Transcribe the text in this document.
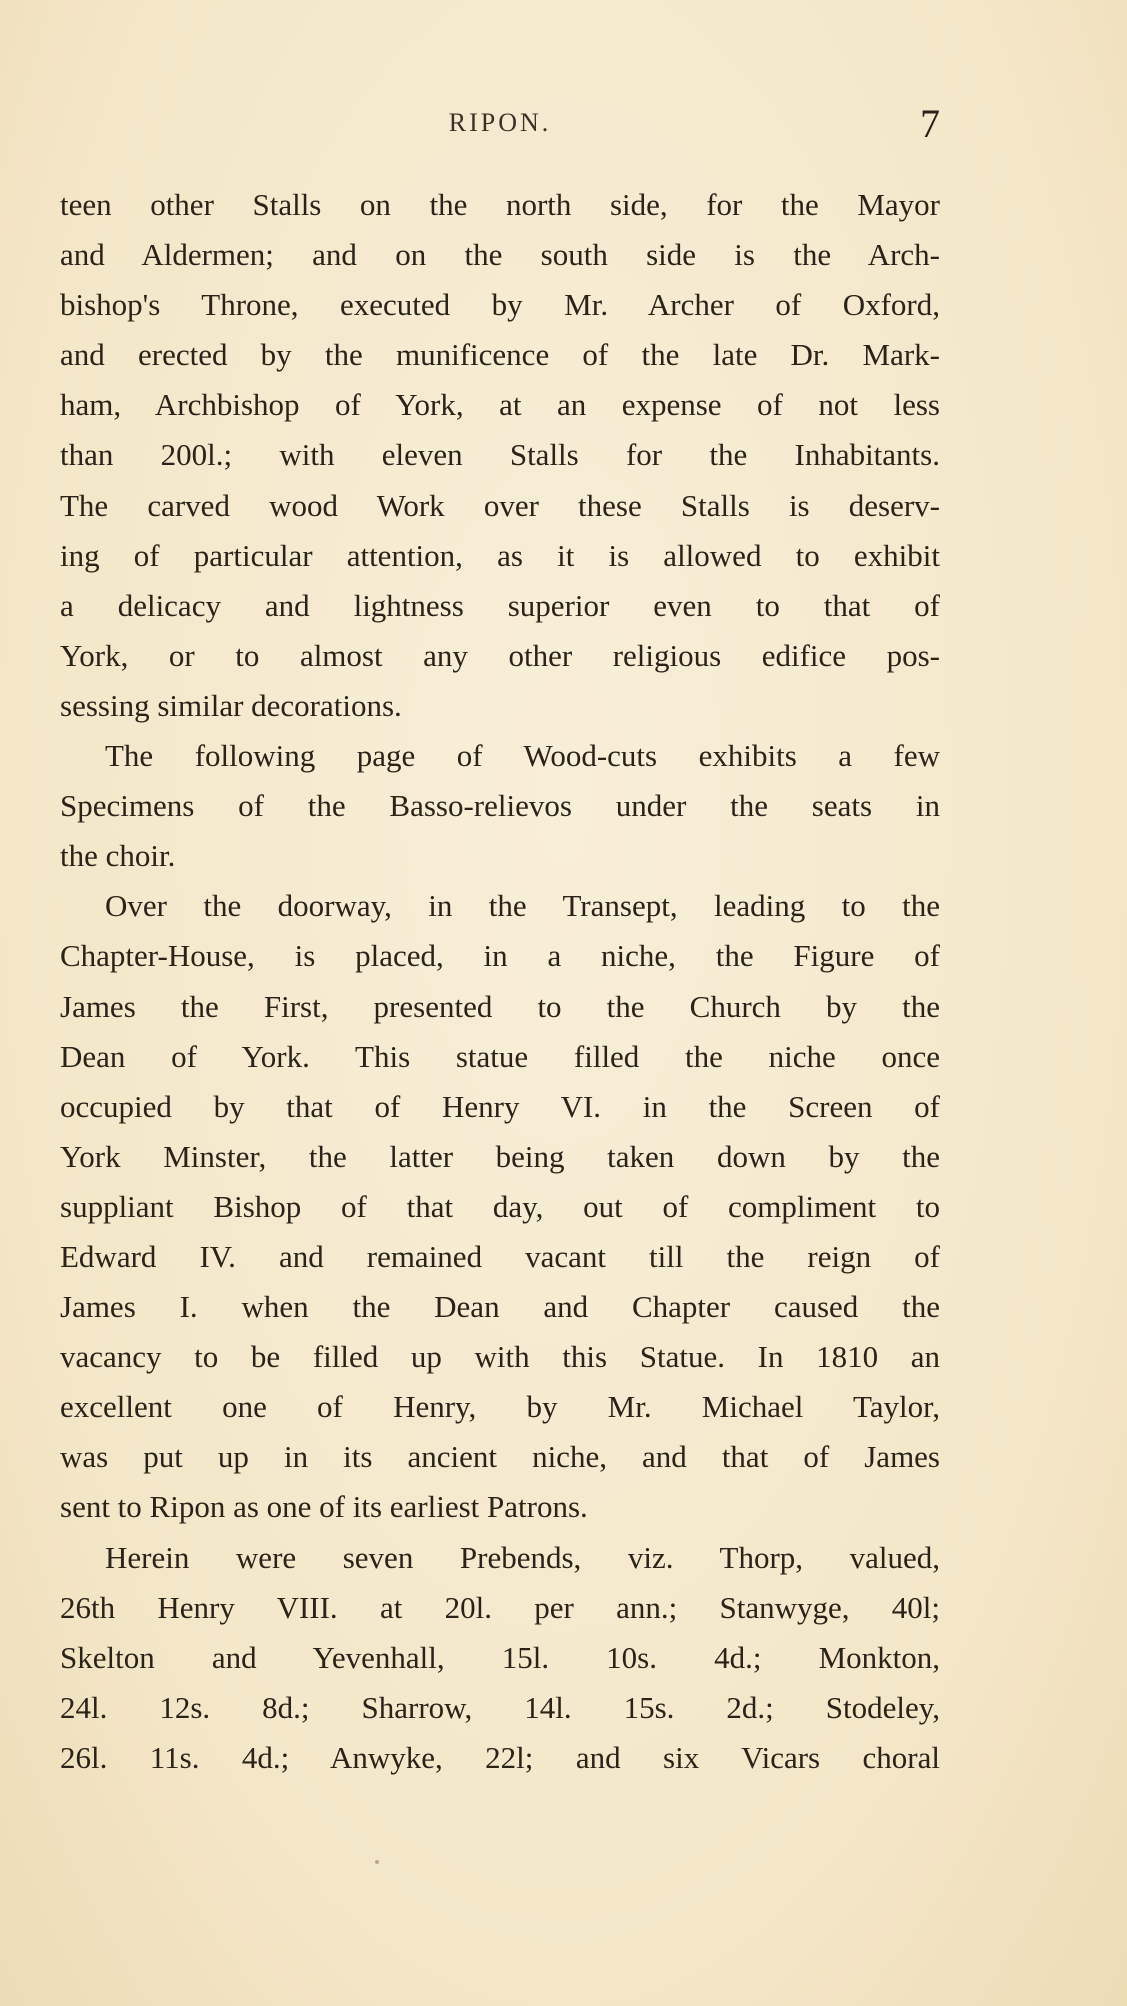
RIPON.	7
teen other Stalls on the north side, for the Mayor
and Aldermen; and on the south side is the Arch-
bishop's Throne, executed by Mr. Archer of Oxford,
and erected by the munificence of the late Dr. Mark-
ham, Archbishop of York, at an expense of not less
than 200l.; with eleven Stalls for the Inhabitants.
The carved wood Work over these Stalls is deserv-
ing of particular attention, as it is allowed to exhibit
a delicacy and lightness superior even to that of
York, or to almost any other religious edifice pos-
sessing similar decorations.
The following page of Wood-cuts exhibits a few
Specimens of the Basso-relievos under the seats in
the choir.
Over the doorway, in the Transept, leading to the
Chapter-House, is placed, in a niche, the Figure of
James the First, presented to the Church by the
Dean of York. This statue filled the niche once
occupied by that of Henry VI. in the Screen of
York Minster, the latter being taken down by the
suppliant Bishop of that day, out of compliment to
Edward IV. and remained vacant till the reign of
James I. when the Dean and Chapter caused the
vacancy to be filled up with this Statue. In 1810 an
excellent one of Henry, by Mr. Michael Taylor,
was put up in its ancient niche, and that of James
sent to Ripon as one of its earliest Patrons.
Herein were seven Prebends, viz. Thorp, valued,
26th Henry VIII. at 20l. per ann.; Stanwyge, 40l;
Skelton and Yevenhall, 15l. 10s. 4d.; Monkton,
24l. 12s. 8d.; Sharrow, 14l. 15s. 2d.; Stodeley,
26l. 11s. 4d.; Anwyke, 22l; and six Vicars choral
